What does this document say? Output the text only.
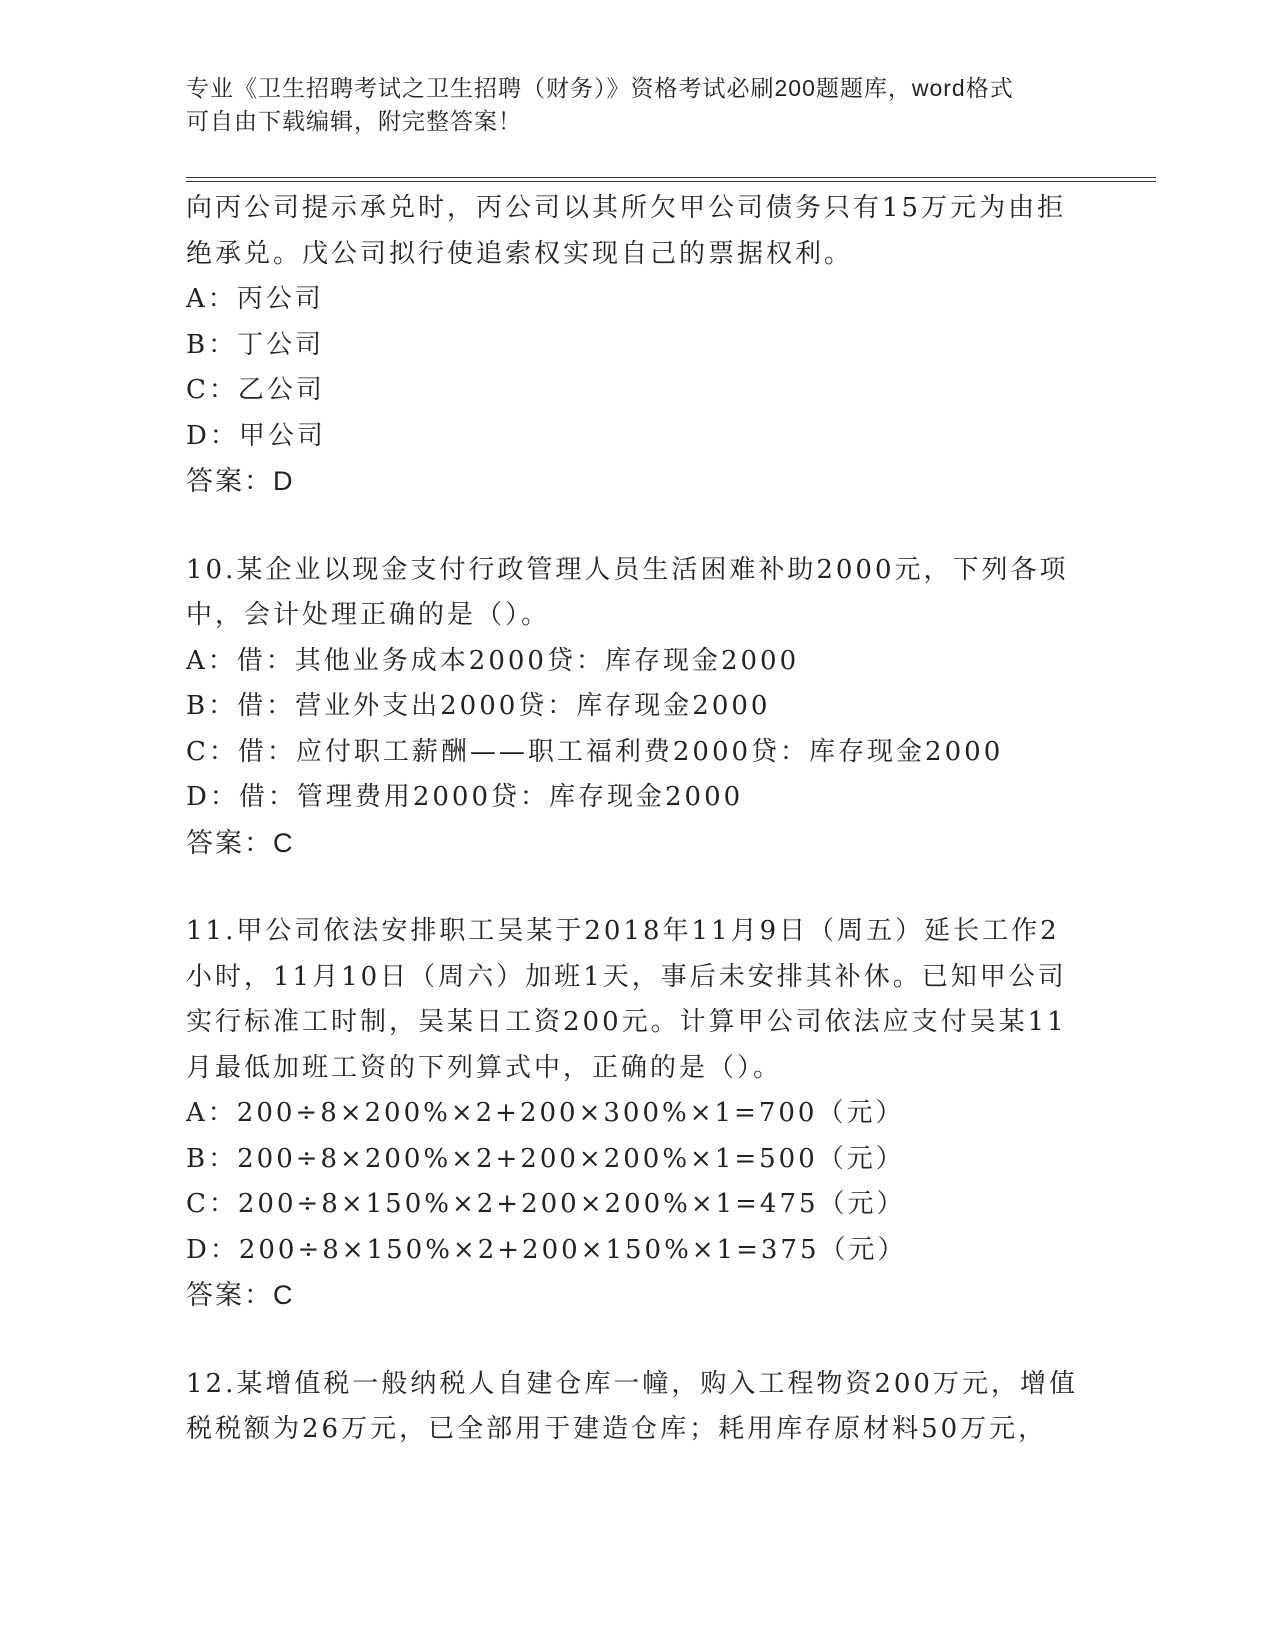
专业《卫生招聘考试之卫生招聘（财务）》资格考试必刷200题题库，word格式
可自由下载编辑，附完整答案！
向丙公司提示承兑时，丙公司以其所欠甲公司债务只有15万元为由拒
绝承兑。戊公司拟行使追索权实现自己的票据权利。
A：丙公司
B：丁公司
C：乙公司
D：甲公司
答案：D
10.某企业以现金支付行政管理人员生活困难补助2000元，下列各项
中，会计处理正确的是（）。
A：借：其他业务成本2000贷：库存现金2000
B：借：营业外支出2000贷：库存现金2000
C：借：应付职工薪酬——职工福利费2000贷：库存现金2000
D：借：管理费用2000贷：库存现金2000
答案：C
11.甲公司依法安排职工吴某于2018年11月9日（周五）延长工作2
小时，11月10日（周六）加班1天，事后未安排其补休。已知甲公司
实行标准工时制，吴某日工资200元。计算甲公司依法应支付吴某11
月最低加班工资的下列算式中，正确的是（）。
A：200÷8×200%×2+200×300%×1=700（元）
B：200÷8×200%×2+200×200%×1=500（元）
C：200÷8×150%×2+200×200%×1=475（元）
D：200÷8×150%×2+200×150%×1=375（元）
答案：C
12.某增值税一般纳税人自建仓库一幢，购入工程物资200万元，增值
税税额为26万元，已全部用于建造仓库；耗用库存原材料50万元，
